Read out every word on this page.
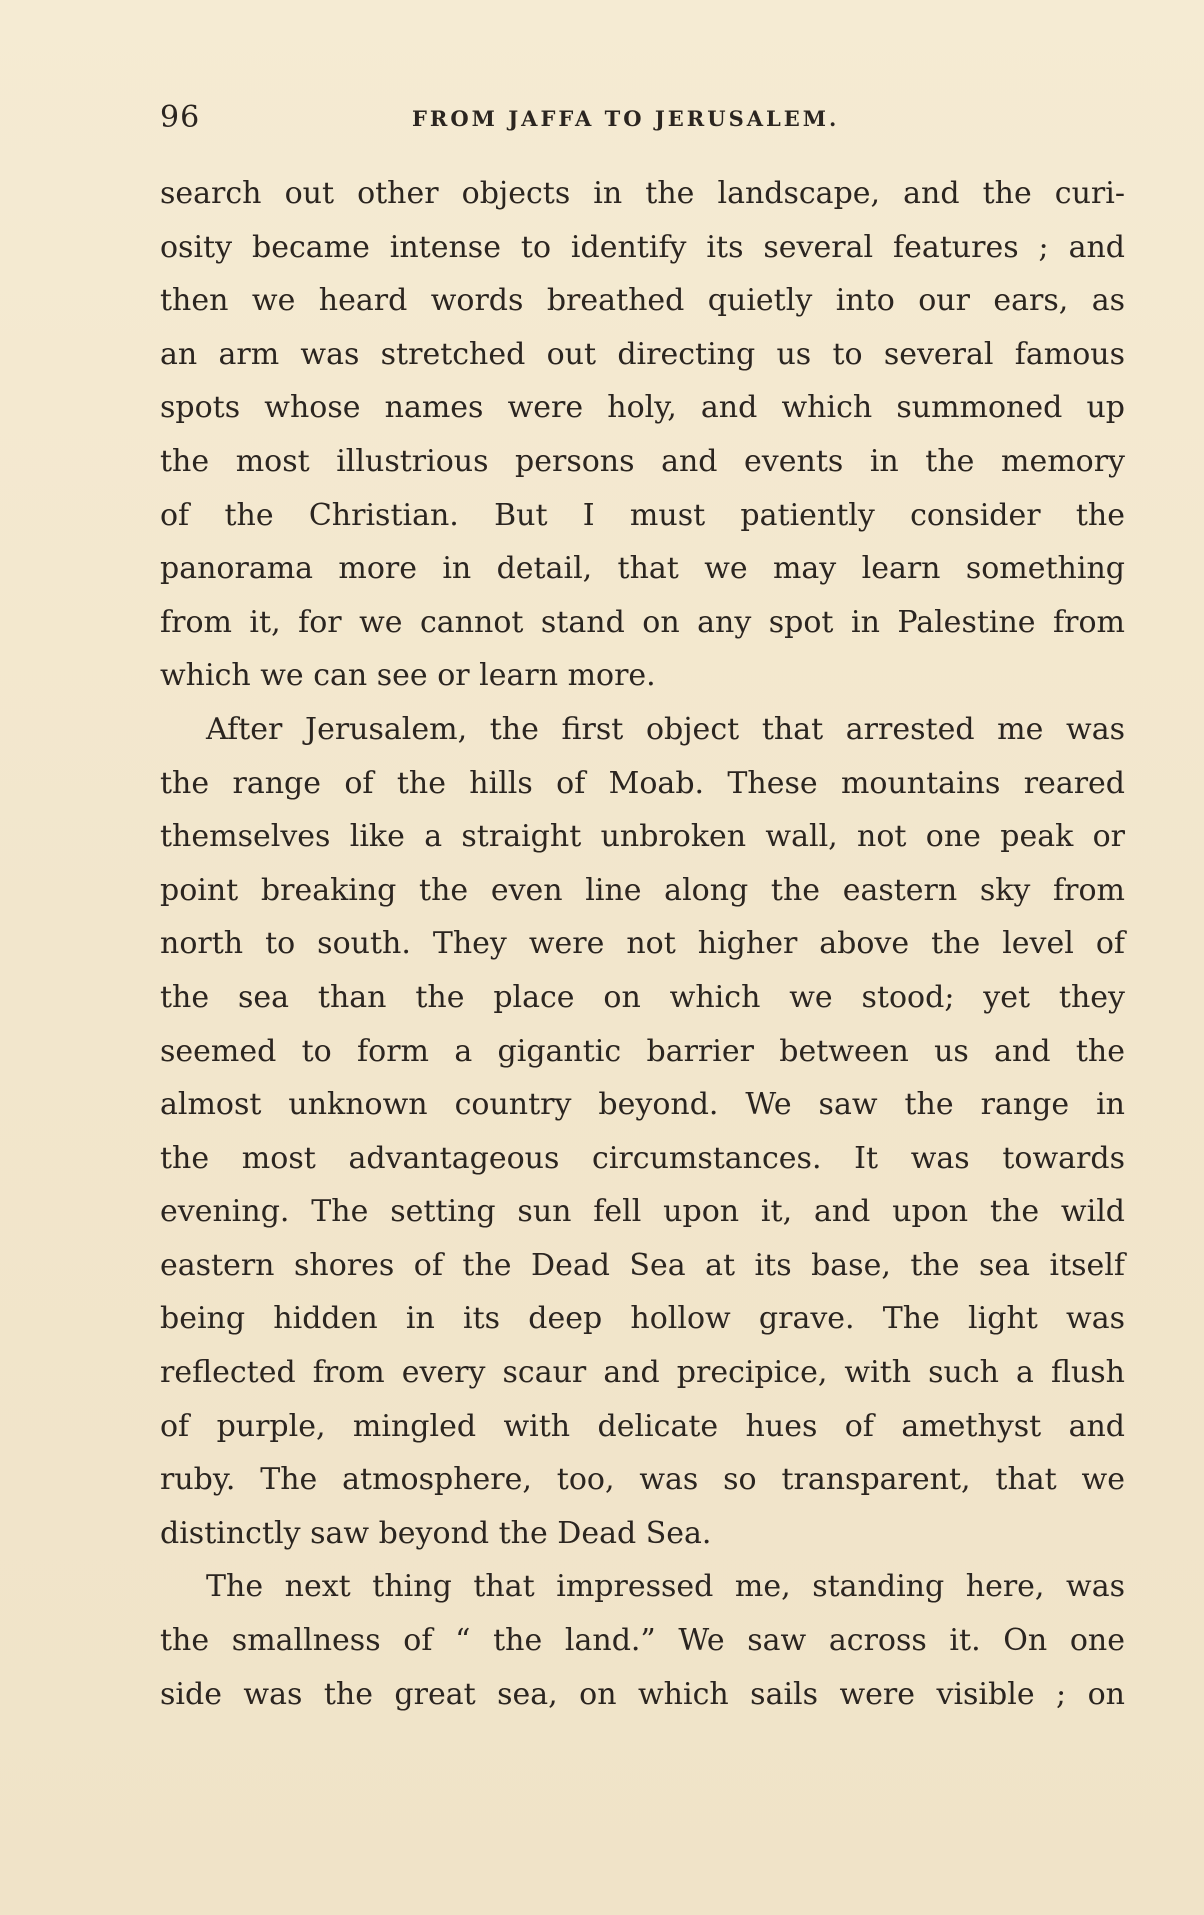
96	FROM JAFFA TO JERUSALEM.

search out other objects in the landscape, and the curi-
osity became intense to identify its several features ; and
then we heard words breathed quietly into our ears, as
an arm was stretched out directing us to several famous
spots whose names were holy, and which summoned up
the most illustrious persons and events in the memory
of the Christian. But I must patiently consider the
panorama more in detail, that we may learn something
from it, for we cannot stand on any spot in Palestine from
which we can see or learn more.

After Jerusalem, the first object that arrested me was
the range of the hills of Moab. These mountains reared
themselves like a straight unbroken wall, not one peak or
point breaking the even line along the eastern sky from
north to south. They were not higher above the level of
the sea than the place on which we stood; yet they
seemed to form a gigantic barrier between us and the
almost unknown country beyond. We saw the range in
the most advantageous circumstances. It was towards
evening. The setting sun fell upon it, and upon the wild
eastern shores of the Dead Sea at its base, the sea itself
being hidden in its deep hollow grave. The light was
reflected from every scaur and precipice, with such a flush
of purple, mingled with delicate hues of amethyst and
ruby. The atmosphere, too, was so transparent, that we
distinctly saw beyond the Dead Sea.

The next thing that impressed me, standing here, was
the smallness of “ the land.” We saw across it. On one
side was the great sea, on which sails were visible ; on
